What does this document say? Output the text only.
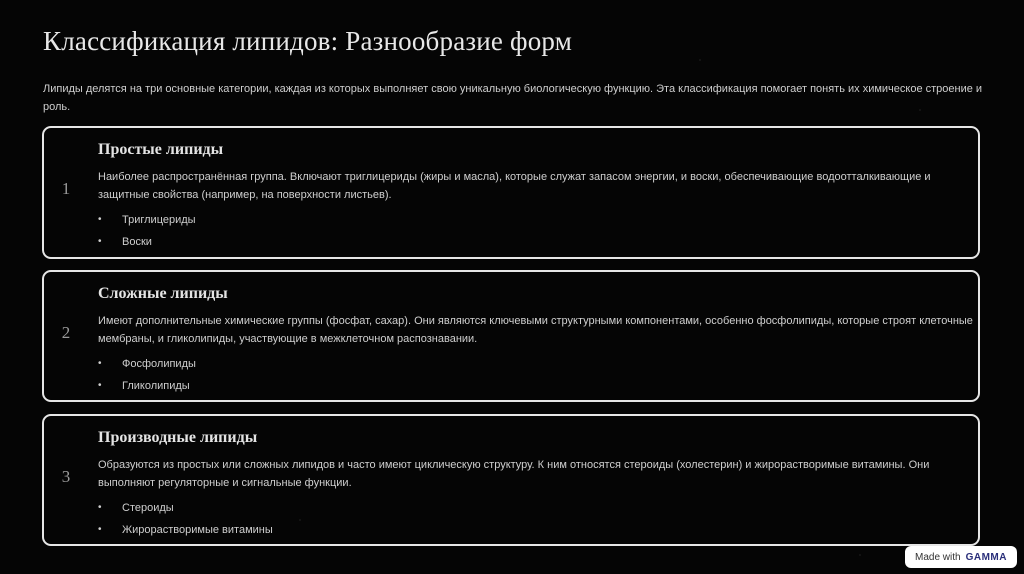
Классификация липидов: Разнообразие форм

Липиды делятся на три основные категории, каждая из которых выполняет свою уникальную биологическую функцию. Эта классификация помогает понять их химическое строение и роль.

1
Простые липиды

Наиболее распространённая группа. Включают триглицериды (жиры и масла), которые служат запасом энергии, и воски, обеспечивающие водоотталкивающие и защитные свойства (например, на поверхности листьев).

• Триглицериды
• Воски
2
Сложные липиды

Имеют дополнительные химические группы (фосфат, сахар). Они являются ключевыми структурными компонентами, особенно фосфолипиды, которые строят клеточные мембраны, и гликолипиды, участвующие в межклеточном распознавании.

• Фосфолипиды
• Гликолипиды
3
Производные липиды

Образуются из простых или сложных липидов и часто имеют циклическую структуру. К ним относятся стероиды (холестерин) и жирорастворимые витамины. Они выполняют регуляторные и сигнальные функции.

• Стероиды
• Жирорастворимые витамины
Made with GAMMA
